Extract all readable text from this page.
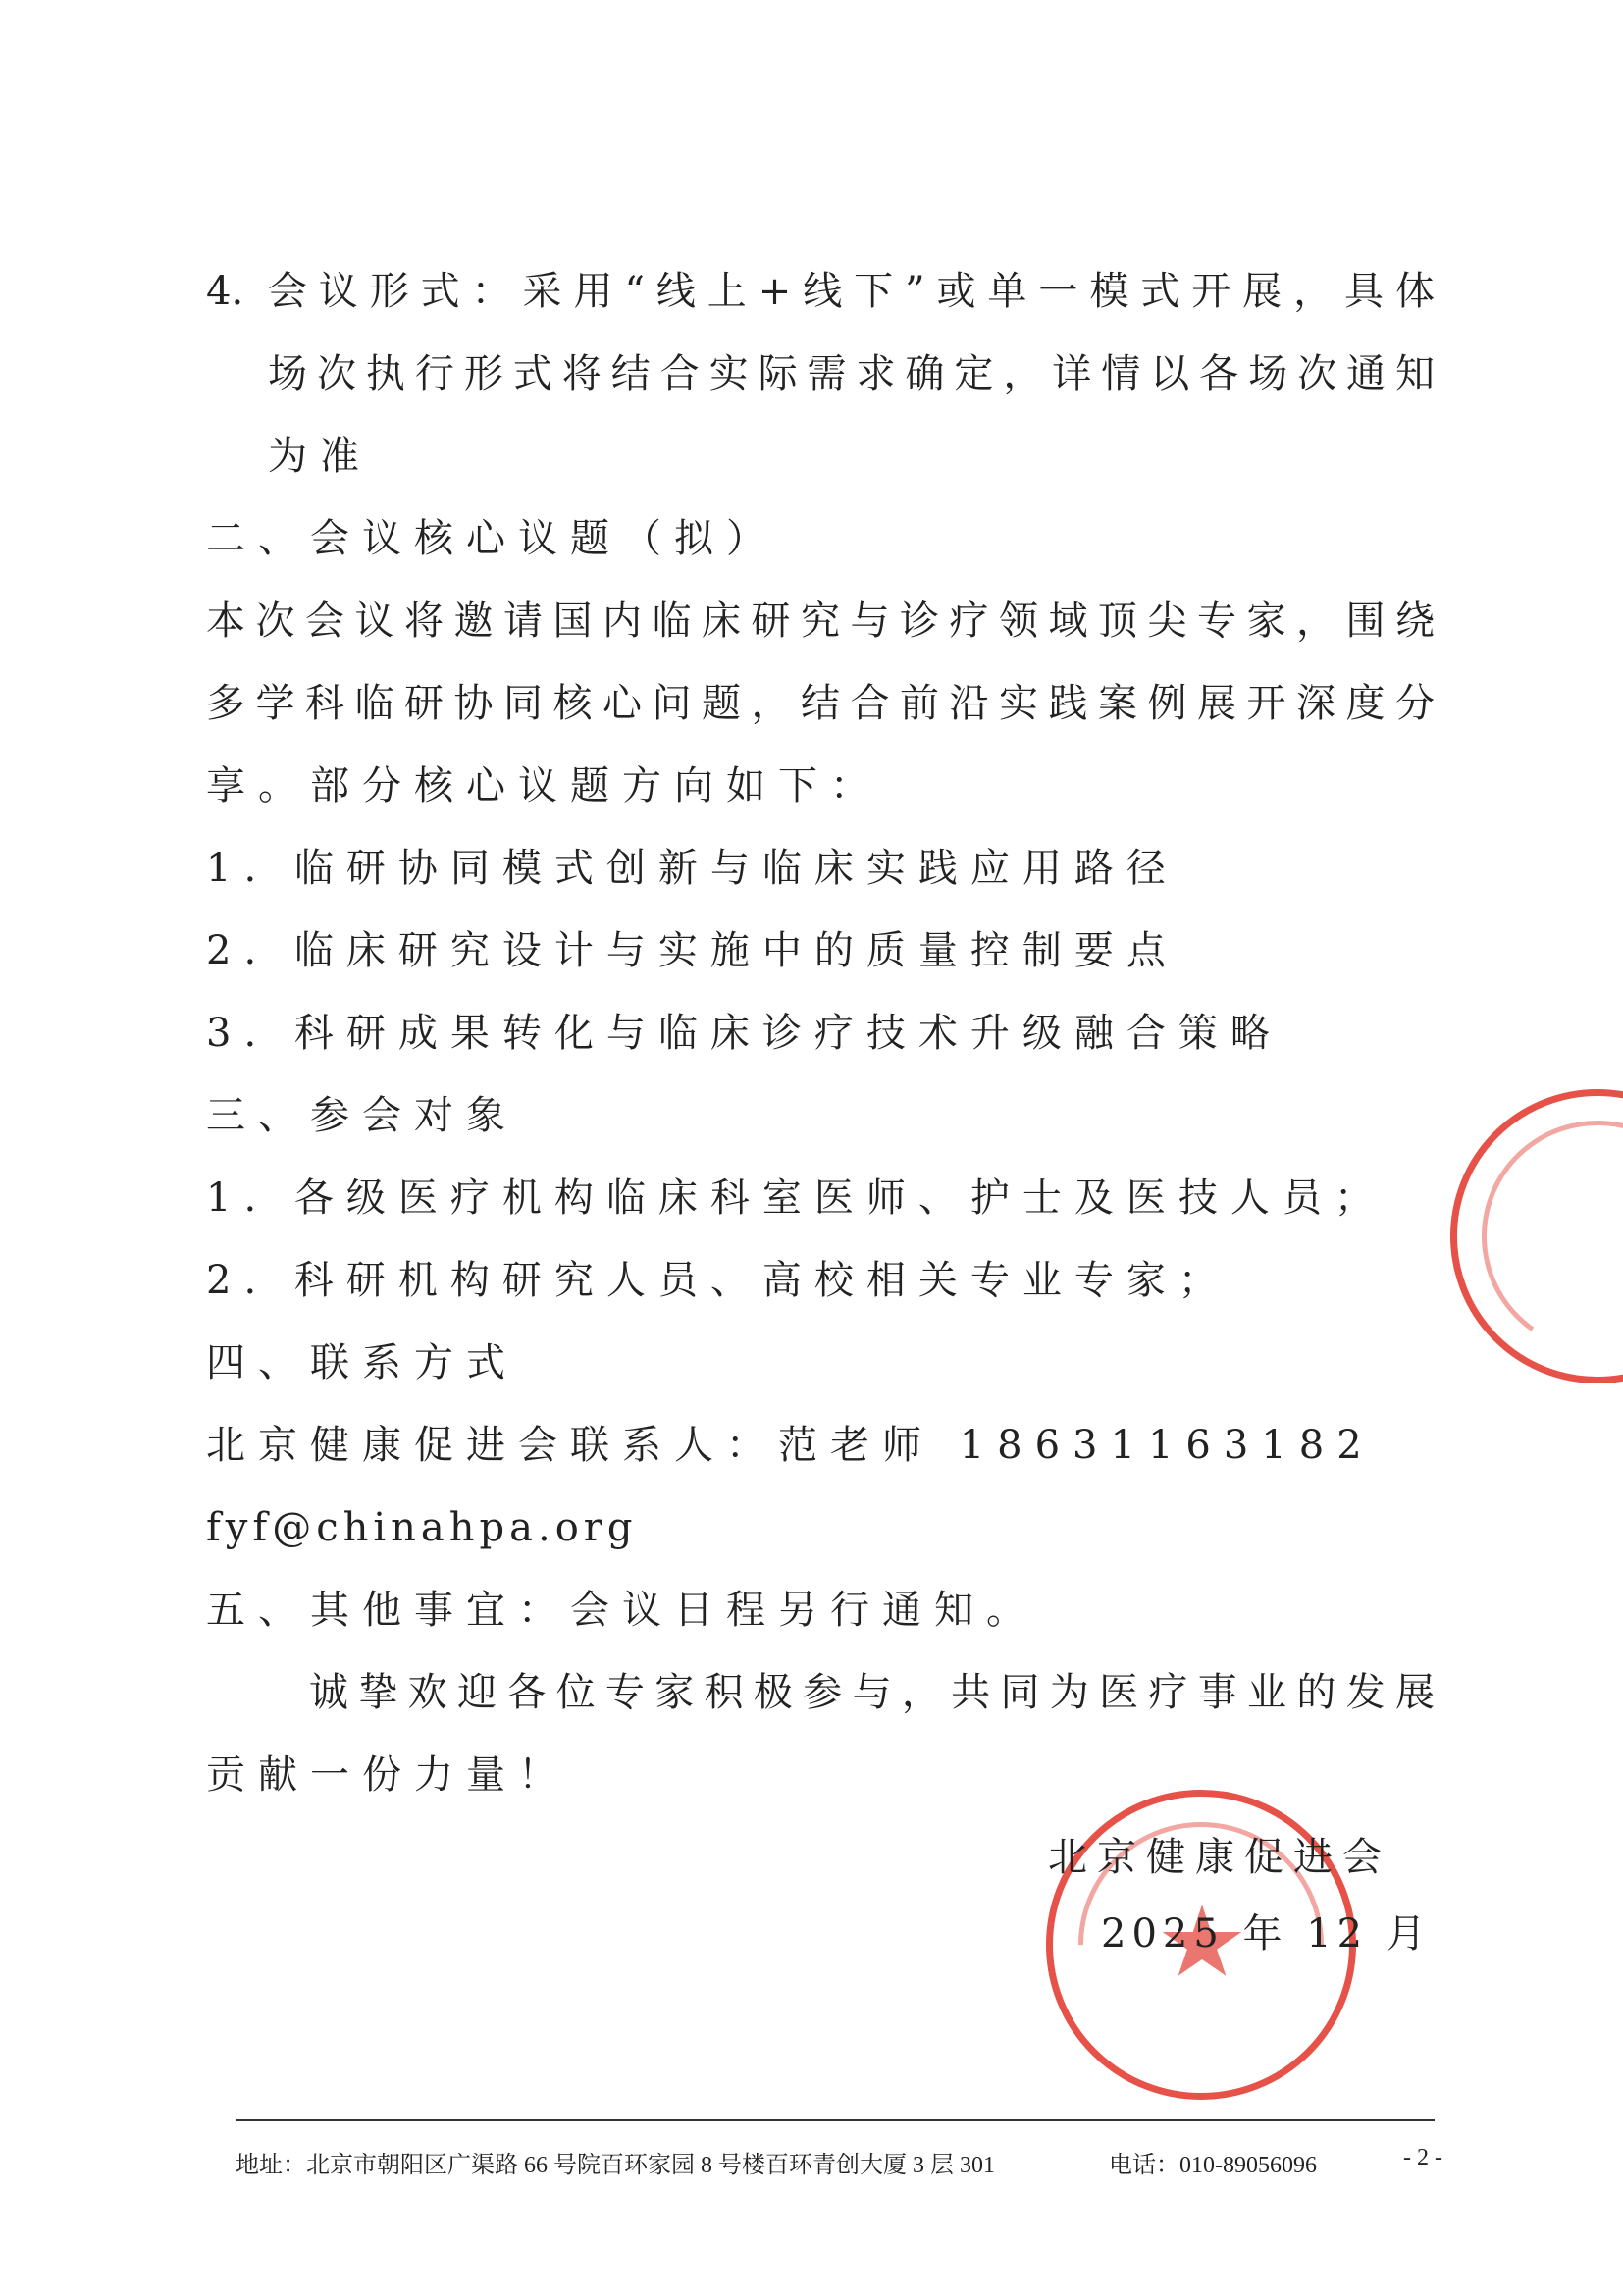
4. 会议形式：采用“线上+线下”或单一模式开展，具体
场次执行形式将结合实际需求确定，详情以各场次通知
为准
二、会议核心议题（拟）
本次会议将邀请国内临床研究与诊疗领域顶尖专家，围绕
多学科临研协同核心问题，结合前沿实践案例展开深度分
享。部分核心议题方向如下：
1. 临研协同模式创新与临床实践应用路径
2. 临床研究设计与实施中的质量控制要点
3. 科研成果转化与临床诊疗技术升级融合策略
三、参会对象
1. 各级医疗机构临床科室医师、护士及医技人员；
2. 科研机构研究人员、高校相关专业专家；
四、联系方式
北京健康促进会联系人：范老师 18631163182
fyf@chinahpa.org
五、其他事宜：会议日程另行通知。
诚挚欢迎各位专家积极参与，共同为医疗事业的发展
贡献一份力量！
北京健康促进会
2025 年 12 月
地址：北京市朝阳区广渠路 66 号院百环家园 8 号楼百环青创大厦 3 层 301	电话：010-89056096	- 2 -
